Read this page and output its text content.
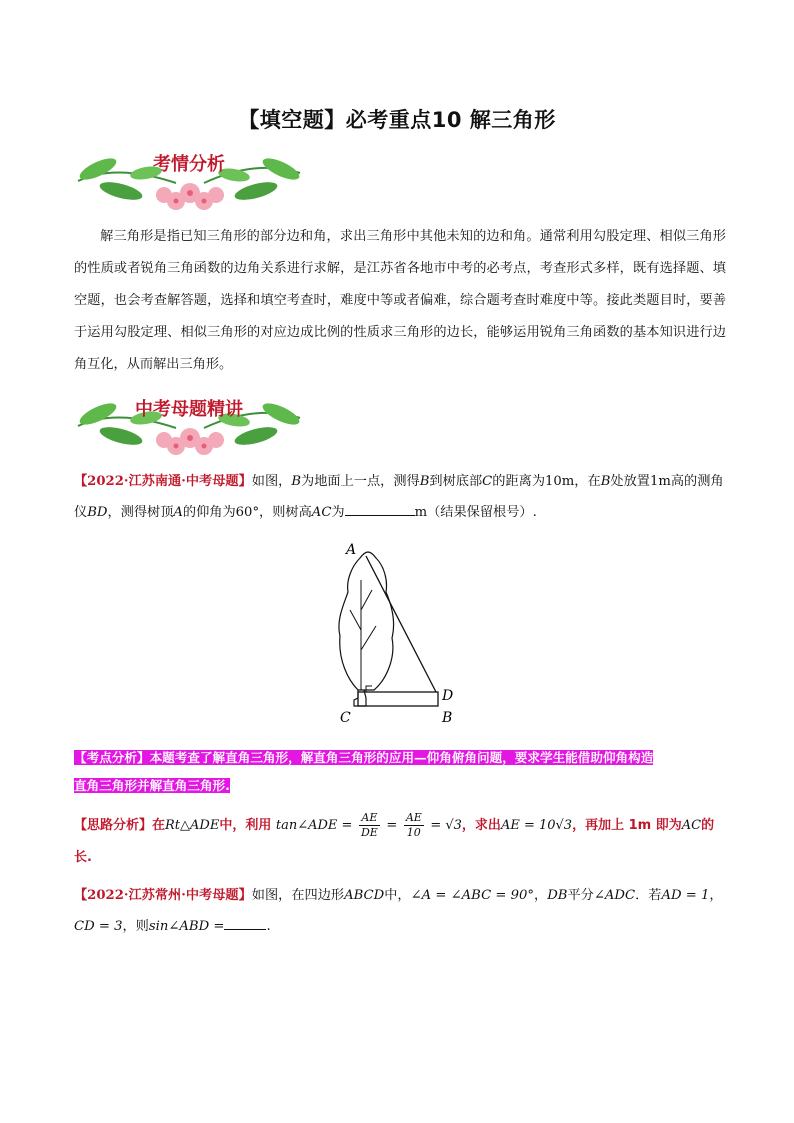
【填空题】必考重点10 解三角形
考情分析
解三角形是指已知三角形的部分边和角，求出三角形中其他未知的边和角。通常利用勾股定理、相似三角形的性质或者锐角三角函数的边角关系进行求解，是江苏省各地市中考的必考点，考查形式多样，既有选择题、填空题，也会考查解答题，选择和填空考查时，难度中等或者偏难，综合题考查时难度中等。接此类题目时，要善于运用勾股定理、相似三角形的对应边成比例的性质求三角形的边长，能够运用锐角三角函数的基本知识进行边角互化，从而解出三角形。
中考母题精讲
【2022·江苏南通·中考母题】如图，B为地面上一点，测得B到树底部C的距离为10m，在B处放置1m高的测角仪BD，测得树顶A的仰角为60°，则树高AC为	m（结果保留根号）.
A
C
D
B
【考点分析】本题考查了解直角三角形，解直角三角形的应用—仰角俯角问题，要求学生能借助仰角构造
直角三角形并解直角三角形.
【思路分析】在Rt△ADE中，利用 tan∠ADE = $\frac{AE}{DE} = \frac{AE}{10} = √3$，求出AE = 10√3，再加上 1m 即为AC的
长.
【2022·江苏常州·中考母题】如图，在四边形ABCD中，∠A = ∠ABC = 90°，DB平分∠ADC．若AD = 1，
CD = 3，则sin∠ABD =	.
